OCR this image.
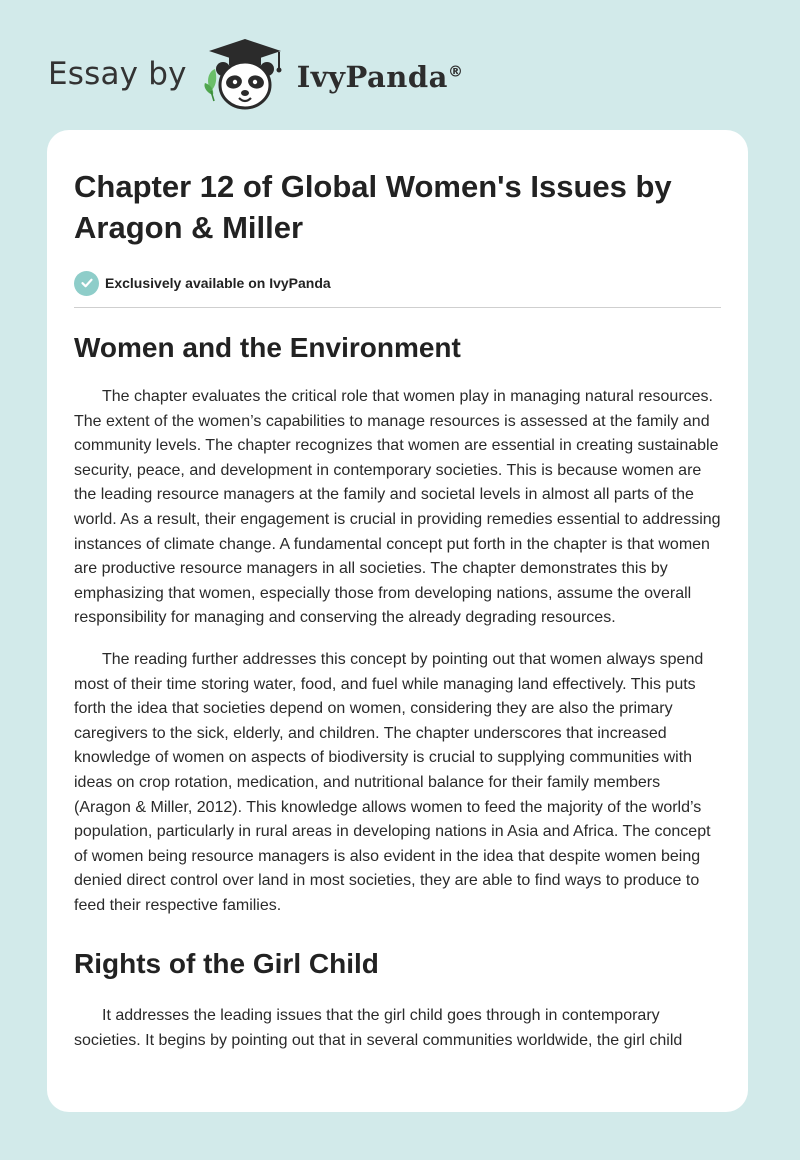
Essay by	IvyPanda®
Chapter 12 of Global Women's Issues by Aragon & Miller
Exclusively available on IvyPanda
Women and the Environment

The chapter evaluates the critical role that women play in managing natural resources. The extent of the women’s capabilities to manage resources is assessed at the family and community levels. The chapter recognizes that women are essential in creating sustainable security, peace, and development in contemporary societies. This is because women are the leading resource managers at the family and societal levels in almost all parts of the world. As a result, their engagement is crucial in providing remedies essential to addressing instances of climate change. A fundamental concept put forth in the chapter is that women are productive resource managers in all societies. The chapter demonstrates this by emphasizing that women, especially those from developing nations, assume the overall responsibility for managing and conserving the already degrading resources.

The reading further addresses this concept by pointing out that women always spend most of their time storing water, food, and fuel while managing land effectively. This puts forth the idea that societies depend on women, considering they are also the primary caregivers to the sick, elderly, and children. The chapter underscores that increased knowledge of women on aspects of biodiversity is crucial to supplying communities with ideas on crop rotation, medication, and nutritional balance for their family members (Aragon & Miller, 2012). This knowledge allows women to feed the majority of the world’s population, particularly in rural areas in developing nations in Asia and Africa. The concept of women being resource managers is also evident in the idea that despite women being denied direct control over land in most societies, they are able to find ways to produce to feed their respective families.

Rights of the Girl Child

It addresses the leading issues that the girl child goes through in contemporary societies. It begins by pointing out that in several communities worldwide, the girl child
